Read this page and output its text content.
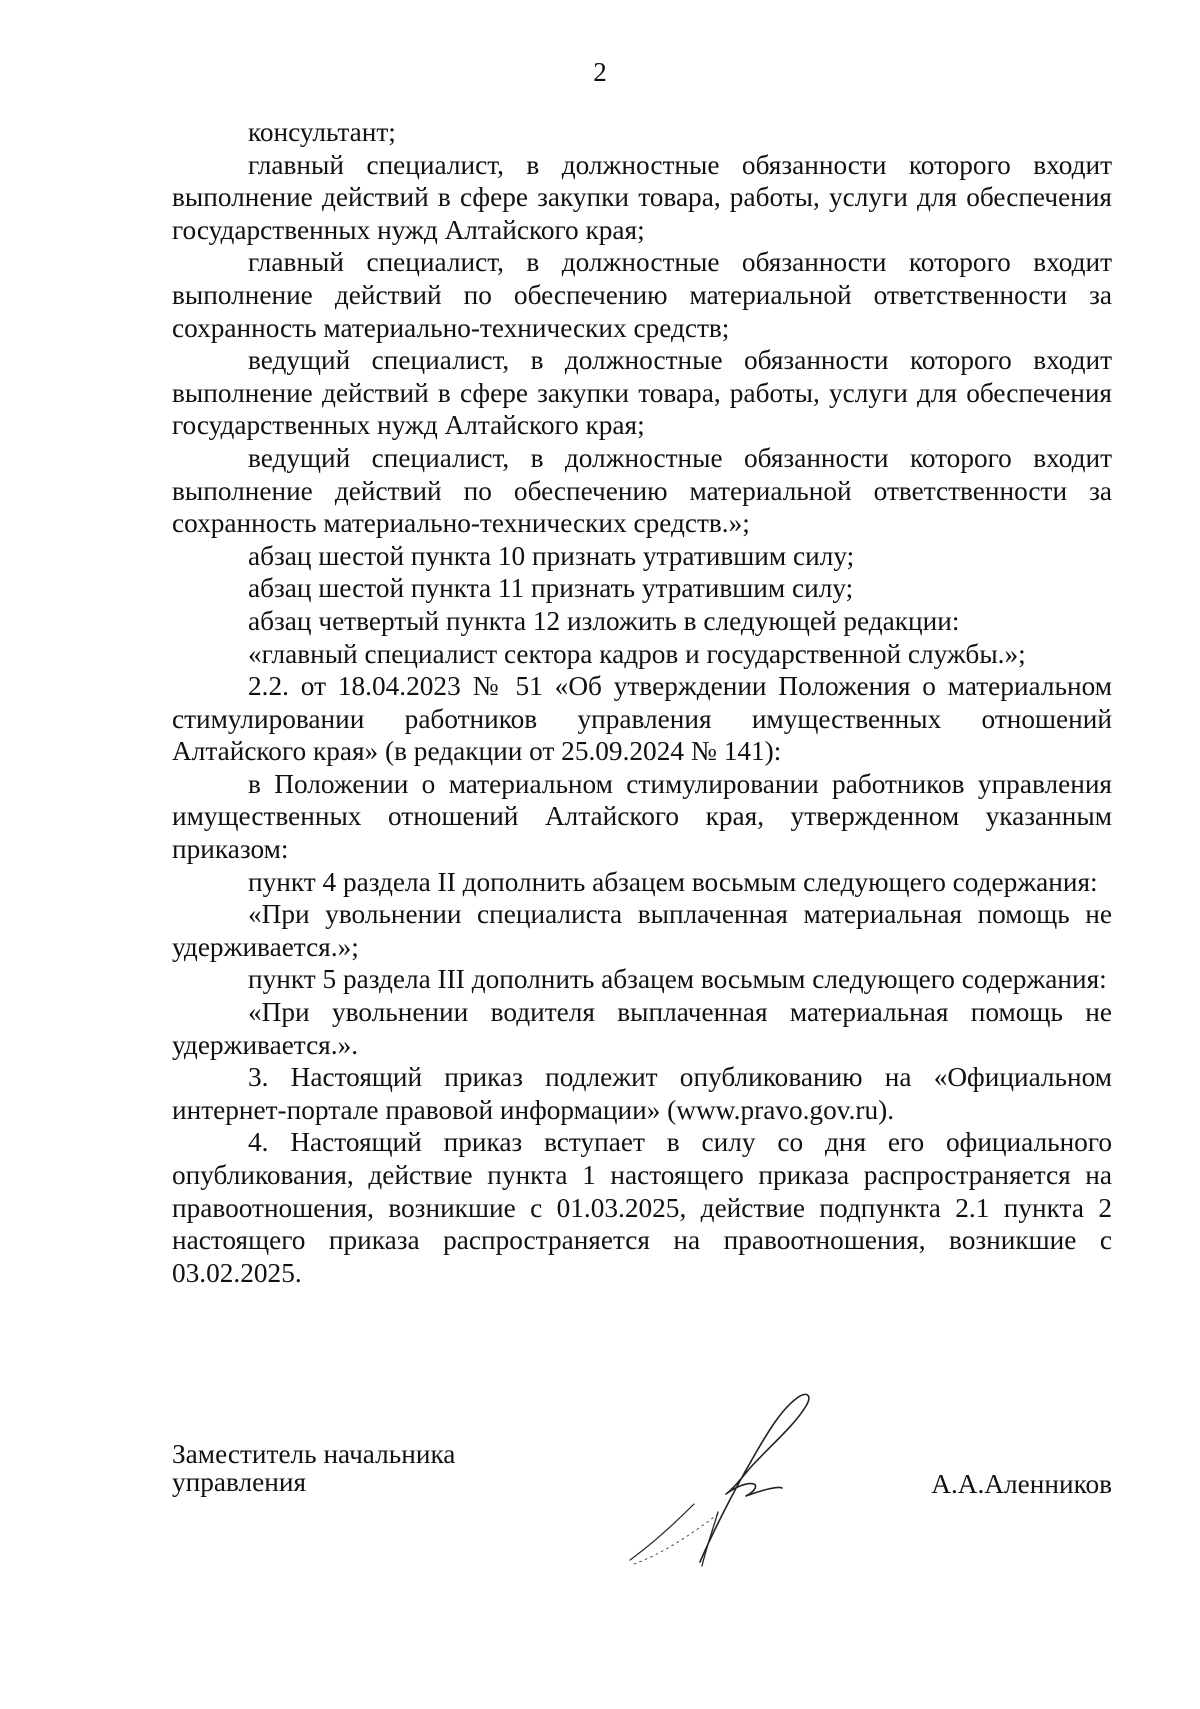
2

консультант;

главный специалист, в должностные обязанности которого входит выполнение действий в сфере закупки товара, работы, услуги для обеспечения государственных нужд Алтайского края;

главный специалист, в должностные обязанности которого входит выполнение действий по обеспечению материальной ответственности за сохранность материально-технических средств;

ведущий специалист, в должностные обязанности которого входит выполнение действий в сфере закупки товара, работы, услуги для обеспечения государственных нужд Алтайского края;

ведущий специалист, в должностные обязанности которого входит выполнение действий по обеспечению материальной ответственности за сохранность материально-технических средств.»;

абзац шестой пункта 10 признать утратившим силу;

абзац шестой пункта 11 признать утратившим силу;

абзац четвертый пункта 12 изложить в следующей редакции:

«главный специалист сектора кадров и государственной службы.»;

2.2. от 18.04.2023 № 51 «Об утверждении Положения о материальном стимулировании работников управления имущественных отношений Алтайского края» (в редакции от 25.09.2024 № 141):

в Положении о материальном стимулировании работников управления имущественных отношений Алтайского края, утвержденном указанным приказом:

пункт 4 раздела II дополнить абзацем восьмым следующего содержания:

«При увольнении специалиста выплаченная материальная помощь не удерживается.»;

пункт 5 раздела III дополнить абзацем восьмым следующего содержания:

«При увольнении водителя выплаченная материальная помощь не удерживается.».

3. Настоящий приказ подлежит опубликованию на «Официальном интернет-портале правовой информации» (www.pravo.gov.ru).

4. Настоящий приказ вступает в силу со дня его официального опубликования, действие пункта 1 настоящего приказа распространяется на правоотношения, возникшие с 01.03.2025, действие подпункта 2.1 пункта 2 настоящего приказа распространяется на правоотношения, возникшие с 03.02.2025.

Заместитель начальника
управления	А.А.Аленников
